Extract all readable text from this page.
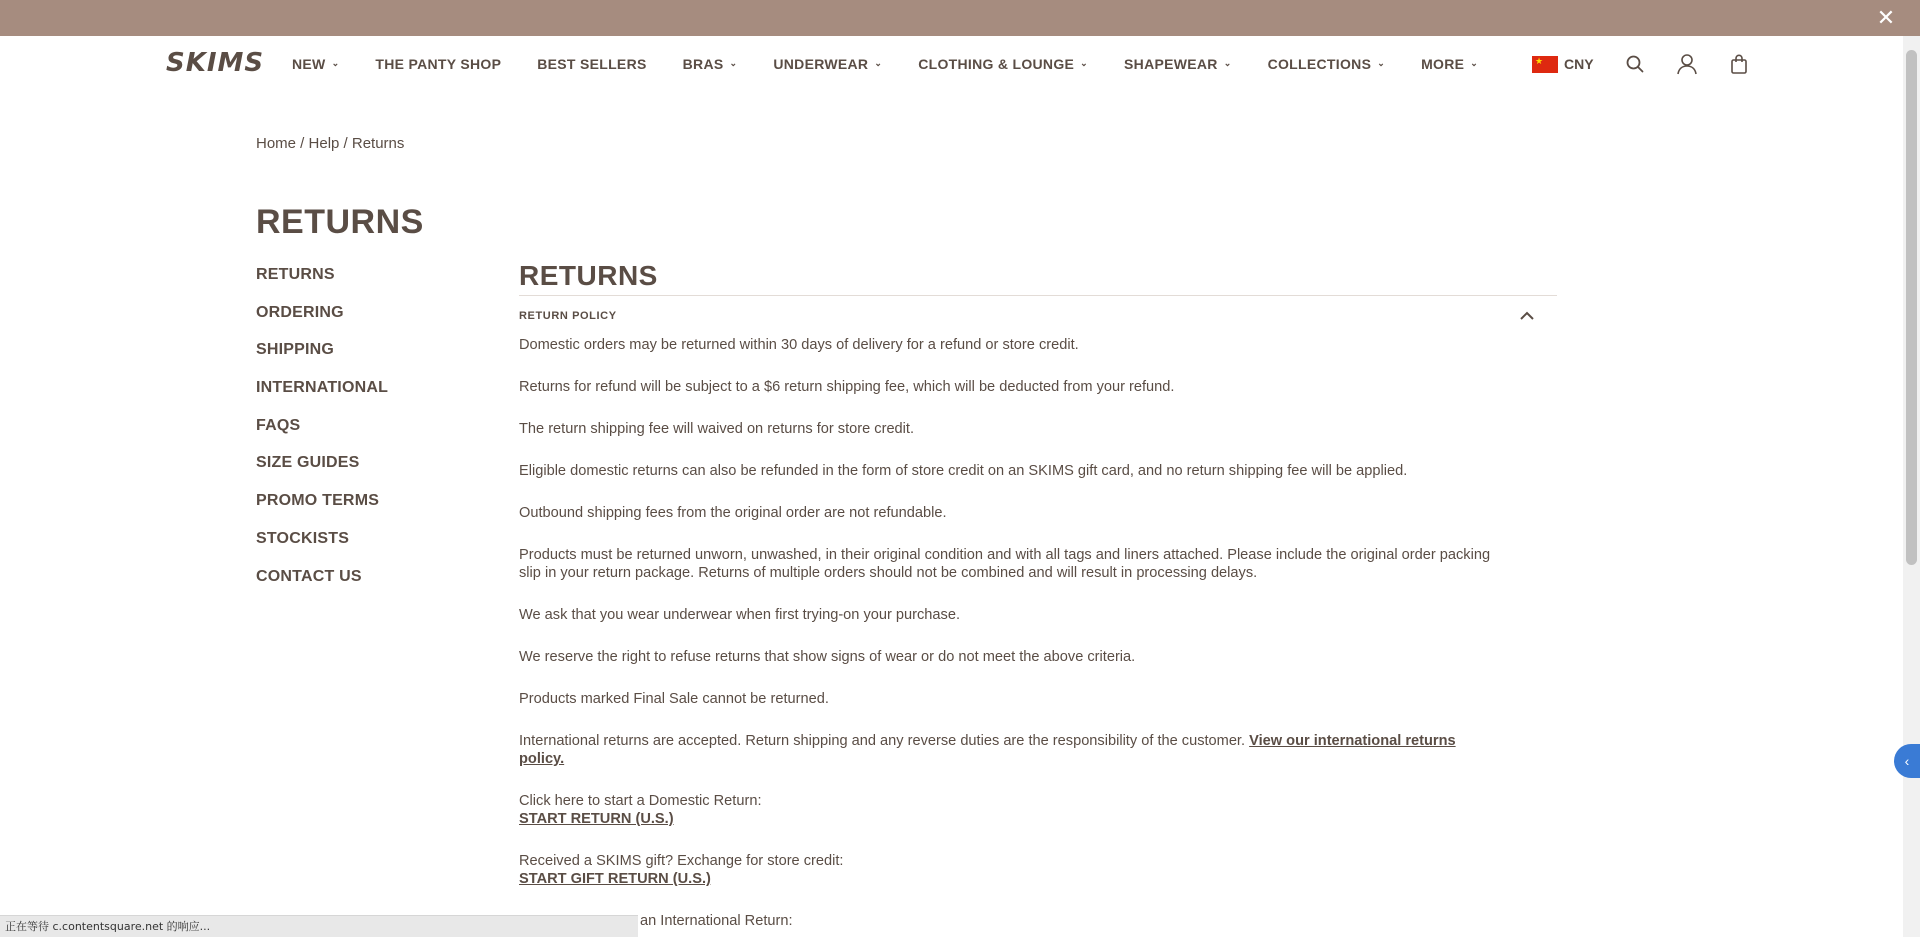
✕
SKIMS NEW ⌄	THE PANTY SHOP	BEST SELLERS	BRAS ⌄	UNDERWEAR ⌄	CLOTHING & LOUNGE ⌄	SHAPEWEAR ⌄	COLLECTIONS ⌄	MORE ⌄
★	CNY
Home / Help / Returns
RETURNS
RETURNS
ORDERING
SHIPPING
INTERNATIONAL
FAQS
SIZE GUIDES
PROMO TERMS
STOCKISTS
CONTACT US
RETURNS
RETURN POLICY

Domestic orders may be returned within 30 days of delivery for a refund or store credit.

Returns for refund will be subject to a $6 return shipping fee, which will be deducted from your refund.

The return shipping fee will waived on returns for store credit.

Eligible domestic returns can also be refunded in the form of store credit on an SKIMS gift card, and no return shipping fee will be applied.

Outbound shipping fees from the original order are not refundable.

Products must be returned unworn, unwashed, in their original condition and with all tags and liners attached. Please include the original order packing slip in your return package. Returns of multiple orders should not be combined and will result in processing delays.

We ask that you wear underwear when first trying-on your purchase.

We reserve the right to refuse returns that show signs of wear or do not meet the above criteria.

Products marked Final Sale cannot be returned.

International returns are accepted. Return shipping and any reverse duties are the responsibility of the customer. View our international returns policy.

Click here to start a Domestic Return:
START RETURN (U.S.)

Received a SKIMS gift? Exchange for store credit:
START GIFT RETURN (U.S.)

an International Return:

‹
正在等待 c.contentsquare.net 的响应...
